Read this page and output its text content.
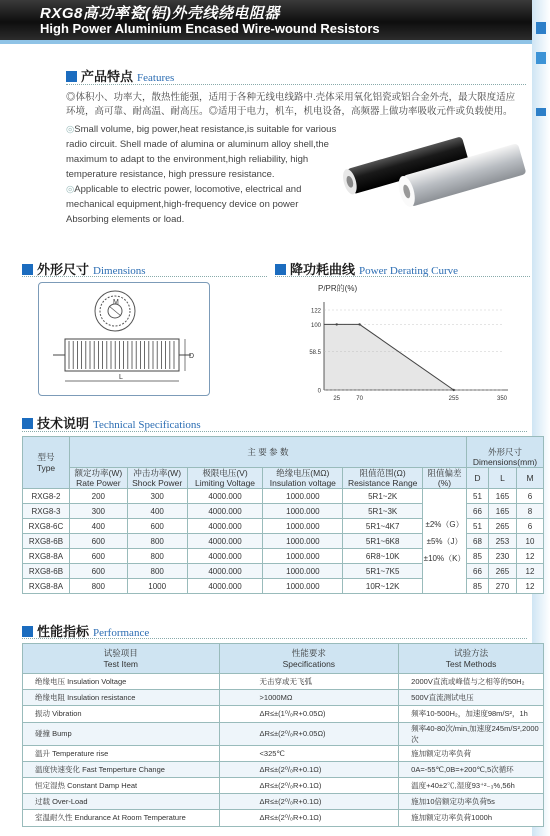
RXG8高功率瓷(铝)外壳线绕电阻器
High Power Aluminium Encased Wire-wound Resistors
产品特点 Features
◎体积小、功率大，散热性能强，适用于各种无线电线路中.壳体采用氧化铝瓷或铝合金外壳，最大限度适应环境，高可靠、耐高温、耐高压。◎适用于电力，机车，机电设备，高频器上做功率吸收元件或负载使用。
◎Small volume, big power,heat resistance,is suitable for various radio circuit. Shell made of alumina or aluminum alloy shell,the maximum to adapt to the environment,high reliability, high temperature resistance, high pressure resistance.
◎Applicable to electric power, locomotive, electrical and mechanical equipment,high-frequency device on power Absorbing elements or load.
外形尺寸 Dimensions
M
D
L
降功耗曲线 Power Derating Curve
P/PR的(%)
0
58.5
100
122
25	70	255	350
技术说明 Technical Specifications
型号
Type	主 要 参 数						外形尺寸
Dimensions(mm)		

	额定功率(W)
Rate Power	冲击功率(W)
Shock Power	极限电压(V)
Limiting Voltage	绝缘电压(MΩ)
Insulation voltage	阻值范围(Ω)
Resistance Range	阻值偏差
(%)	D	L	M
RXG8-2	200	300	4000.000	1000.000	5R1~2K	±2%（G）
±5%（J）
±10%（K）	51	165	6
RXG8-3	300	400	4000.000	1000.000	5R1~3K		66	165	8
RXG8-6C	400	600	4000.000	1000.000	5R1~4K7		51	265	6
RXG8-6B	600	800	4000.000	1000.000	5R1~6K8		68	253	10
RXG8-8A	600	800	4000.000	1000.000	6R8~10K		85	230	12
RXG8-6B	600	800	4000.000	1000.000	5R1~7K5		66	265	12
RXG8-8A	800	1000	4000.000	1000.000	10R~12K		85	270	12
性能指标 Performance
试验项目
Test Item	性能要求
Specifications	试验方法
Test Methods
绝缘电压 Insulation Voltage	无击穿或无飞弧	2000V直流或峰值与之相等的50H₂
绝缘电阻 Insulation resistance	>1000MΩ	500V直流测试电压
振动 Vibration	ΔR≤±(1⁰/₀R+0.05Ω)	频率10-500H₂，加速度98m/S²，1h
碰撞 Bump	ΔR≤±(2⁰/₀R+0.05Ω)	频率40-80次/min,加速度245m/S²,2000次
温升 Temperature rise	<325℃	施加额定功率负荷
温度快速变化 Fast Temperture Change	ΔR≤±(2⁰/₀R+0.1Ω)	0A=-55℃,0B=+200℃,5次循环
恒定湿热 Constant Damp Heat	ΔR≤±(2⁰/₀R+0.1Ω)	温度+40±2℃,湿度93⁺²₋₃%,56h
过载 Over-Load	ΔR≤±(2⁰/₀R+0.1Ω)	施加10倍额定功率负荷5s
室温耐久性 Endurance At Room Temperature	ΔR≤±(2⁰/₀R+0.1Ω)	施加额定功率负荷1000h
